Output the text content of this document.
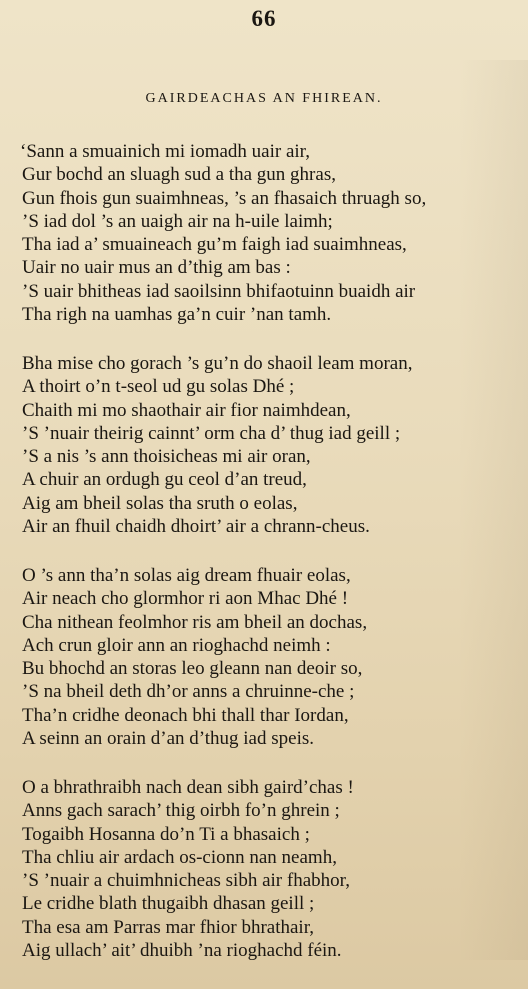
66
GAIRDEACHAS AN FHIREAN.
‘Sann a smuainich mi iomadh uair air,
Gur bochd an sluagh sud a tha gun ghras,
Gun fhois gun suaimhneas, ’s an fhasaich thruagh so,
’S iad dol ’s an uaigh air na h-uile laimh;
Tha iad a’ smuaineach gu’m faigh iad suaimhneas,
Uair no uair mus an d’thig am bas :
’S uair bhitheas iad saoilsinn bhifaotuinn buaidh air
Tha righ na uamhas ga’n cuir ’nan tamh.
Bha mise cho gorach ’s gu’n do shaoil leam moran,
A thoirt o’n t-seol ud gu solas Dhé ;
Chaith mi mo shaothair air fior naimhdean,
’S ’nuair theirig cainnt’ orm cha d’ thug iad geill ;
’S a nis ’s ann thoisicheas mi air oran,
A chuir an ordugh gu ceol d’an treud,
Aig am bheil solas tha sruth o eolas,
Air an fhuil chaidh dhoirt’ air a chrann-cheus.
O ’s ann tha’n solas aig dream fhuair eolas,
Air neach cho glormhor ri aon Mhac Dhé !
Cha nithean feolmhor ris am bheil an dochas,
Ach crun gloir ann an rioghachd neimh :
Bu bhochd an storas leo gleann nan deoir so,
’S na bheil deth dh’or anns a chruinne-che ;
Tha’n cridhe deonach bhi thall thar Iordan,
A seinn an orain d’an d’thug iad speis.
O a bhrathraibh nach dean sibh gaird’chas !
Anns gach sarach’ thig oirbh fo’n ghrein ;
Togaibh Hosanna do’n Ti a bhasaich ;
Tha chliu air ardach os-cionn nan neamh,
’S ’nuair a chuimhnicheas sibh air fhabhor,
Le cridhe blath thugaibh dhasan geill ;
Tha esa am Parras mar fhior bhrathair,
Aig ullach’ ait’ dhuibh ’na rioghachd féin.
